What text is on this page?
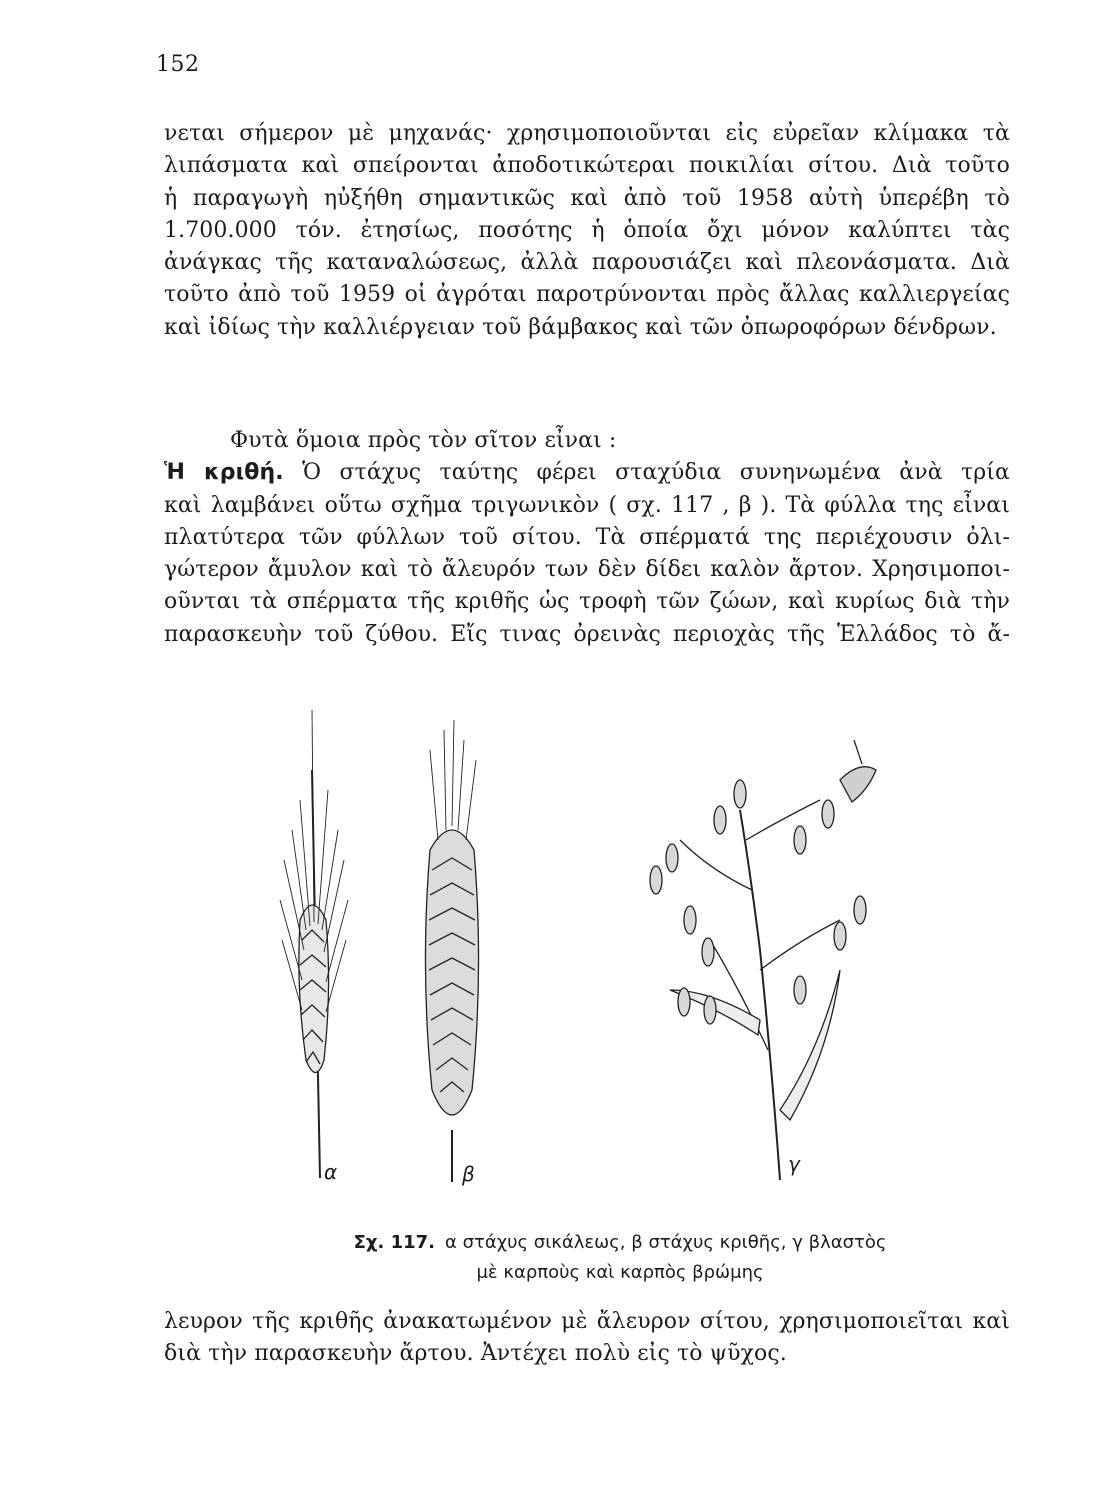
152
νεται σήμερον μὲ μηχανάς· χρησιμοποιοῦνται εἰς εὐρεῖαν κλίμακα τὰ
λιπάσματα καὶ σπείρονται ἀποδοτικώτεραι ποικιλίαι σίτου. Διὰ τοῦτο
ἡ παραγωγὴ ηὐξήθη σημαντικῶς καὶ ἀπὸ τοῦ 1958 αὐτὴ ὑπερέβη τὸ
1.700.000 τόν. ἐτησίως, ποσότης ἡ ὁποία ὄχι μόνον καλύπτει τὰς
ἀνάγκας τῆς καταναλώσεως, ἀλλὰ παρουσιάζει καὶ πλεονάσματα. Διὰ
τοῦτο ἀπὸ τοῦ 1959 οἱ ἀγρόται παροτρύνονται πρὸς ἄλλας καλλιεργείας
καὶ ἰδίως τὴν καλλιέργειαν τοῦ βάμβακος καὶ τῶν ὀπωροφόρων δένδρων.
Φυτὰ ὅμοια πρὸς τὸν σῖτον εἶναι :
Ἡ κριθή. Ὁ στάχυς ταύτης φέρει σταχύδια συνηνωμένα ἀνὰ τρία
καὶ λαμβάνει οὕτω σχῆμα τριγωνικὸν ( σχ. 117 , β ). Τὰ φύλλα της εἶναι
πλατύτερα τῶν φύλλων τοῦ σίτου. Τὰ σπέρματά της περιέχουσιν ὀλι-
γώτερον ἄμυλον καὶ τὸ ἄλευρόν των δὲν δίδει καλὸν ἄρτον. Χρησιμοποι-
οῦνται τὰ σπέρματα τῆς κριθῆς ὡς τροφὴ τῶν ζώων, καὶ κυρίως διὰ τὴν
παρασκευὴν τοῦ ζύθου. Εἴς τινας ὀρεινὰς περιοχὰς τῆς Ἑλλάδος τὸ ἄ-
α	β	γ
Σχ. 117. α στάχυς σικάλεως, β στάχυς κριθῆς, γ βλαστὸς
μὲ καρποὺς καὶ καρπὸς βρώμης
λευρον τῆς κριθῆς ἀνακατωμένον μὲ ἄλευρον σίτου, χρησιμοποιεῖται καὶ
διὰ τὴν παρασκευὴν ἄρτου. Ἀντέχει πολὺ εἰς τὸ ψῦχος.
